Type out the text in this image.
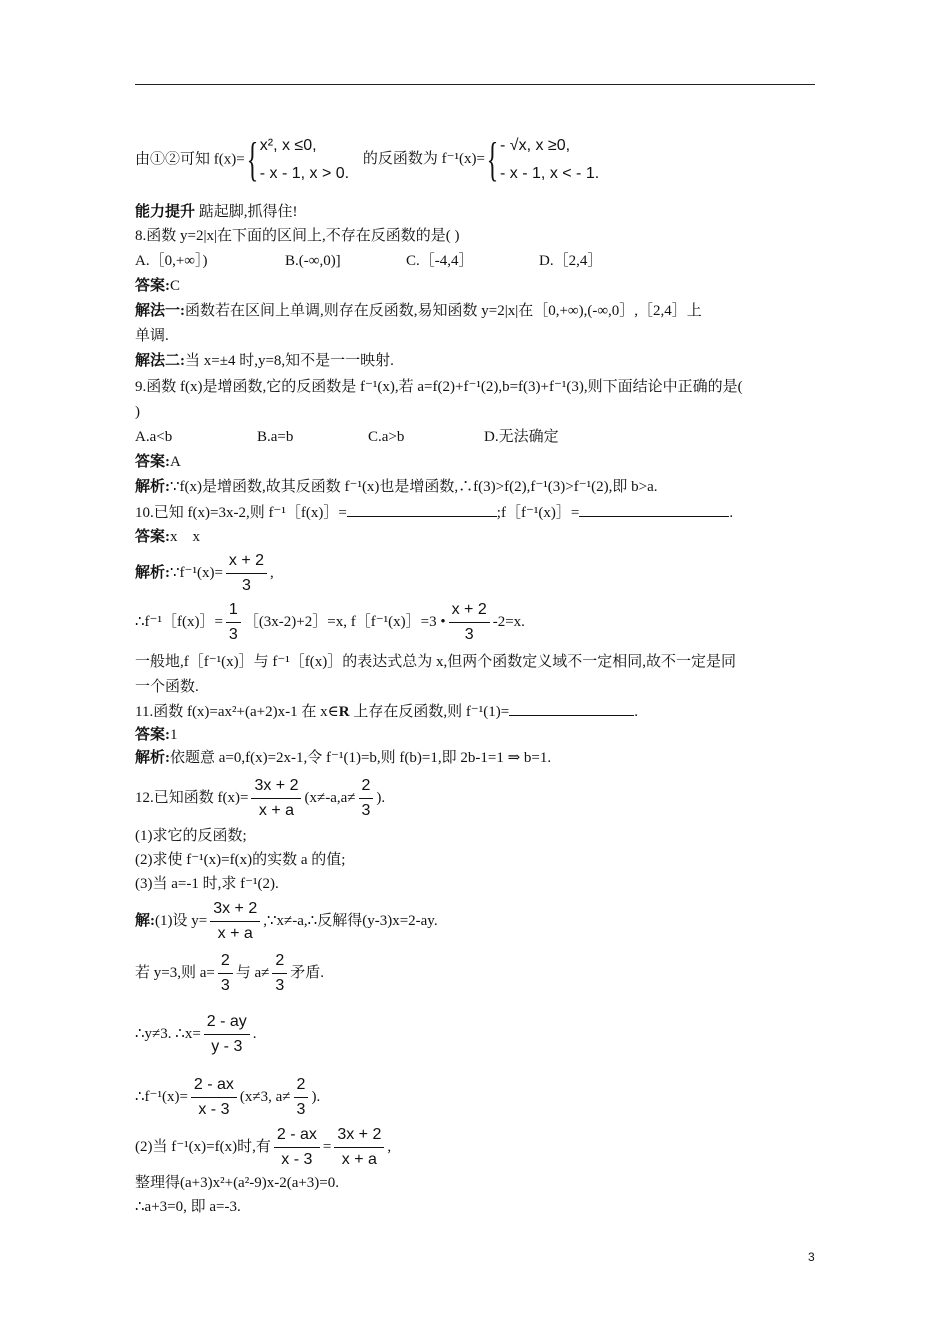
由①②可知 f(x)={ x², x ≤0,
- x - 1, x > 0.
的反函数为 f⁻¹(x)={ - √x, x ≥0,
- x - 1, x < - 1.
能力提升 踮起脚,抓得住!
8.函数 y=2|x|在下面的区间上,不存在反函数的是( )
A.［0,+∞］)	B.(-∞,0)]	C.［-4,4］	D.［2,4］
答案:C
解法一:函数若在区间上单调,则存在反函数,易知函数 y=2|x|在［0,+∞),(-∞,0］,［2,4］上
单调.
解法二:当 x=±4 时,y=8,知不是一一映射.
9.函数 f(x)是增函数,它的反函数是 f⁻¹(x),若 a=f(2)+f⁻¹(2),b=f(3)+f⁻¹(3),则下面结论中正确的是(
)
A.a<b	B.a=b	C.a>b	D.无法确定
答案:A
解析:∵f(x)是增函数,故其反函数 f⁻¹(x)也是增函数,∴f(3)>f(2),f⁻¹(3)>f⁻¹(2),即 b>a.
10.已知 f(x)=3x-2,则 f⁻¹［f(x)］=	;f［f⁻¹(x)］=	.
答案:x    x
解析:∵f⁻¹(x)= $\frac{x + 2}{3}$ ,
∴f⁻¹［f(x)］= $\frac{1}{3}$ ［(3x-2)+2］=x, f［f⁻¹(x)］=3 • $\frac{x + 2}{3} -2=x$.
一般地,f［f⁻¹(x)］与 f⁻¹［f(x)］的表达式总为 x,但两个函数定义域不一定相同,故不一定是同
一个函数.
11.函数 f(x)=ax²+(a+2)x-1 在 x∈R 上存在反函数,则 f⁻¹(1)=	.
答案:1
解析:依题意 a=0,f(x)=2x-1,令 f⁻¹(1)=b,则 f(b)=1,即 2b-1=1 ⇒ b=1.
12.已知函数 $f(x)= \frac{3x + 2}{x + a} (x\ne-a,a\ne \frac{2}{3}$ ).
(1)求它的反函数;
(2)求使 f⁻¹(x)=f(x)的实数 a 的值;
(3)当 a=-1 时,求 f⁻¹(2).
解:(1)设 $y= \frac{3x + 2}{x + a}$ ,∵x≠-a,∴反解得(y-3)x=2-ay.
若 y=3,则 $a= \frac{2}{3}$ 与 $a\ne \frac{2}{3}$ 矛盾.
∴y≠3. ∴x= $\frac{2 - ay}{y - 3}$ .
∴f⁻¹(x)= $\frac{2 - ax}{x - 3} (x\ne 3$, $a\ne \frac{2}{3}$ ).
(2)当 f⁻¹(x)=f(x)时,有 $\frac{2 - ax}{x - 3} = \frac{3x + 2}{x + a}$ ,
整理得(a+3)x²+(a²-9)x-2(a+3)=0.
∴a+3=0, 即 a=-3.
3
